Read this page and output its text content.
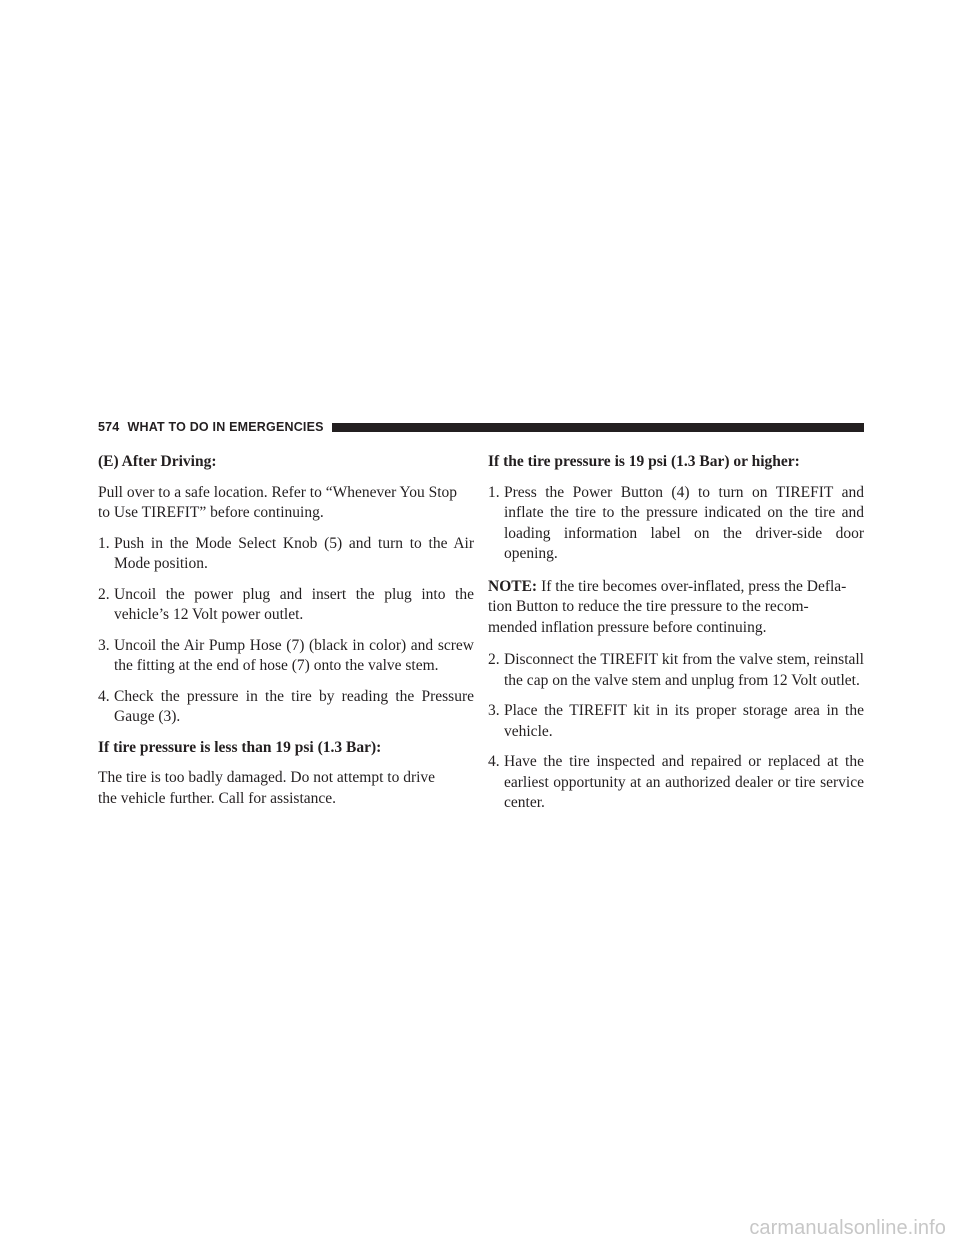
574 WHAT TO DO IN EMERGENCIES

(E) After Driving:

Pull over to a safe location. Refer to “Whenever You Stop
to Use TIREFIT” before continuing.

1. Push in the Mode Select Knob (5) and turn to the Air Mode position.
2. Uncoil the power plug and insert the plug into the vehicle’s 12 Volt power outlet.
3. Uncoil the Air Pump Hose (7) (black in color) and screw the fitting at the end of hose (7) onto the valve stem.
4. Check the pressure in the tire by reading the Pressure Gauge (3).

If tire pressure is less than 19 psi (1.3 Bar):

The tire is too badly damaged. Do not attempt to drive
the vehicle further. Call for assistance.

If the tire pressure is 19 psi (1.3 Bar) or higher:

1. Press the Power Button (4) to turn on TIREFIT and inflate the tire to the pressure indicated on the tire and loading information label on the driver-side door opening.

NOTE: If the tire becomes over-inflated, press the Defla-
tion Button to reduce the tire pressure to the recom-
mended inflation pressure before continuing.

2. Disconnect the TIREFIT kit from the valve stem, reinstall the cap on the valve stem and unplug from 12 Volt outlet.
3. Place the TIREFIT kit in its proper storage area in the vehicle.
4. Have the tire inspected and repaired or replaced at the earliest opportunity at an authorized dealer or tire service center.
carmanualsonline.info
